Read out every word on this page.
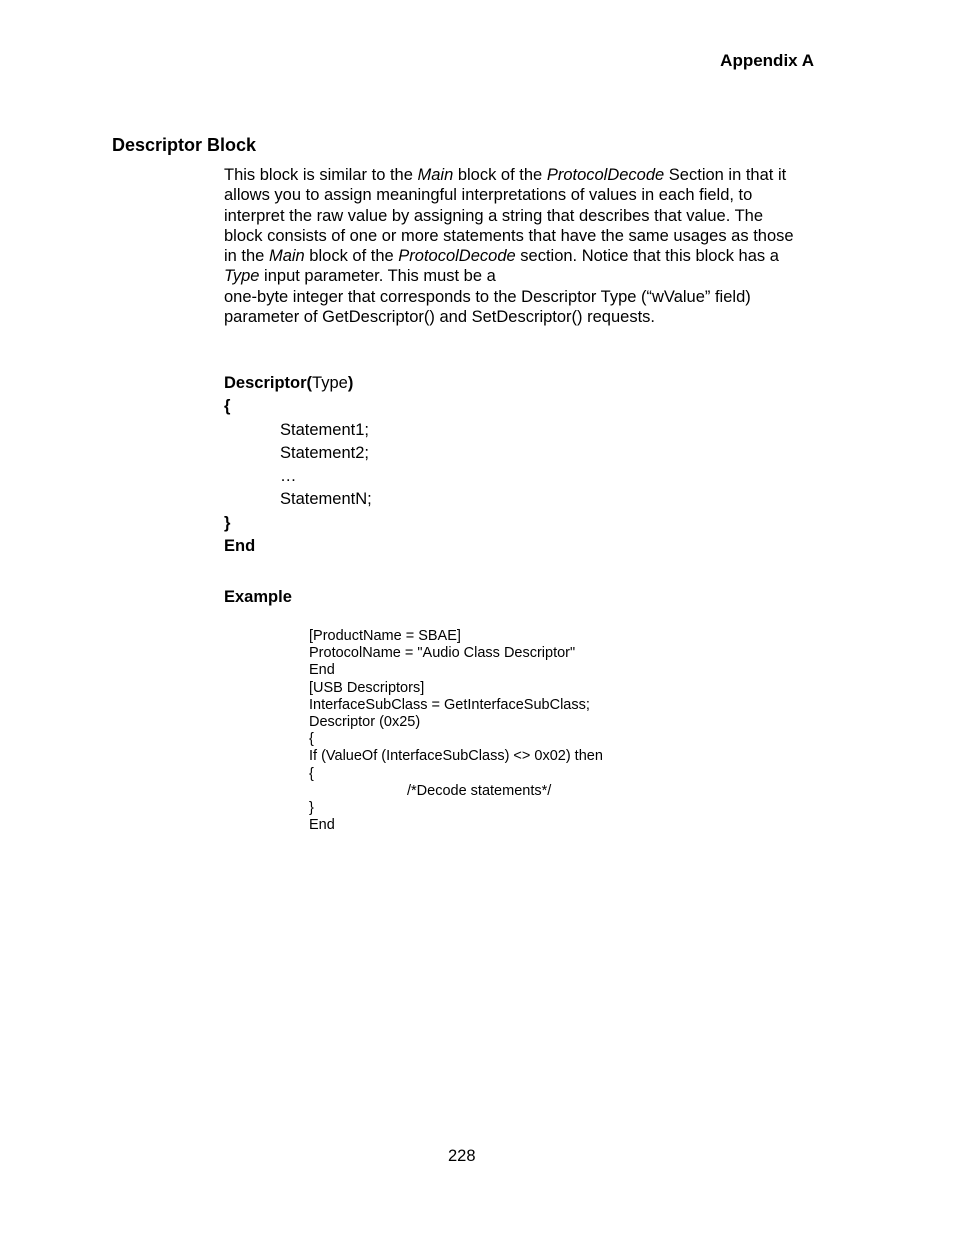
Appendix A
Descriptor Block
This block is similar to the Main block of the ProtocolDecode Section in that it
allows you to assign meaningful interpretations of values in each field, to
interpret the raw value by assigning a string that describes that value. The
block consists of one or more statements that have the same usages as those
in the Main block of the ProtocolDecode section. Notice that this block has a
Type input parameter. This must be a
one-byte integer that corresponds to the Descriptor Type (“wValue” field)
parameter of GetDescriptor() and SetDescriptor() requests.
Descriptor(Type)
{
Statement1;
Statement2;
…
StatementN;
}
End
Example
[ProductName = SBAE]
ProtocolName = "Audio Class Descriptor"
End
[USB Descriptors]
InterfaceSubClass = GetInterfaceSubClass;
Descriptor (0x25)
{
If (ValueOf (InterfaceSubClass) <> 0x02) then
{
/*Decode statements*/
}
End
228
